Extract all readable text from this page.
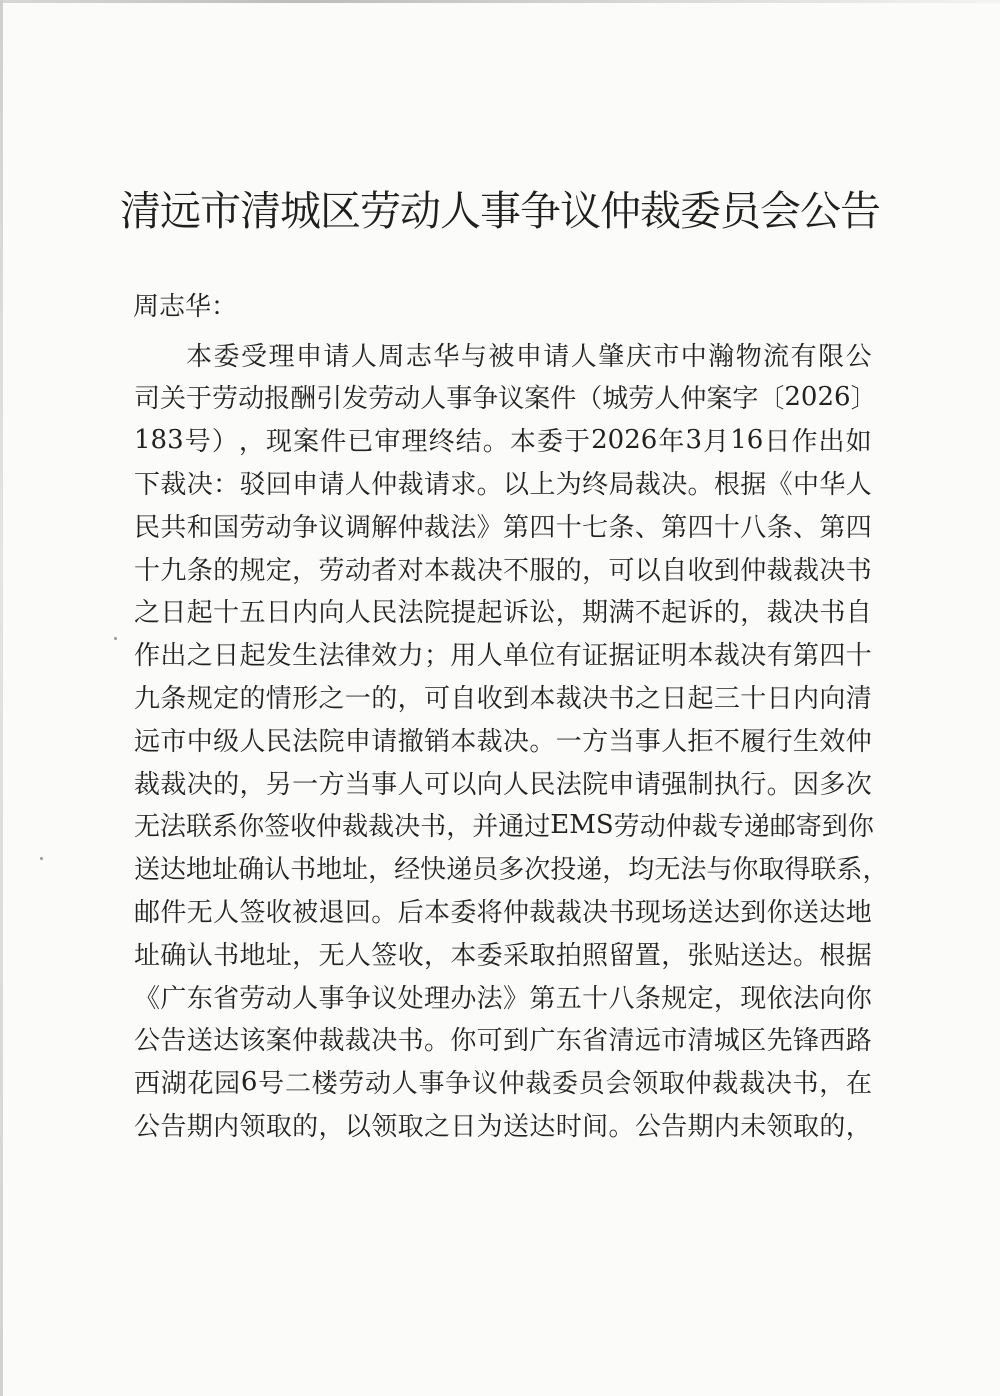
清远市清城区劳动人事争议仲裁委员会公告
周志华：
本 委 受 理 申 请 人 周 志 华 与 被 申 请 人 肇 庆 市 中 瀚 物 流 有 限 公
司 关 于 劳 动 报 酬 引 发 劳 动 人 事 争 议 案 件 （ 城 劳 人 仲 案 字 〔 2026 〕
183 号 ） ， 现 案 件 已 审 理 终 结 。 本 委 于 2026 年 3 月 16 日 作 出 如
下 裁 决 ： 驳 回 申 请 人 仲 裁 请 求 。 以 上 为 终 局 裁 决 。 根 据 《 中 华 人
民 共 和 国 劳 动 争 议 调 解 仲 裁 法 》 第 四 十 七 条 、 第 四 十 八 条 、 第 四
十 九 条 的 规 定 ， 劳 动 者 对 本 裁 决 不 服 的 ， 可 以 自 收 到 仲 裁 裁 决 书
之 日 起 十 五 日 内 向 人 民 法 院 提 起 诉 讼 ， 期 满 不 起 诉 的 ， 裁 决 书 自
作 出 之 日 起 发 生 法 律 效 力 ； 用 人 单 位 有 证 据 证 明 本 裁 决 有 第 四 十
九 条 规 定 的 情 形 之 一 的 ， 可 自 收 到 本 裁 决 书 之 日 起 三 十 日 内 向 清
远 市 中 级 人 民 法 院 申 请 撤 销 本 裁 决 。 一 方 当 事 人 拒 不 履 行 生 效 仲
裁 裁 决 的 ， 另 一 方 当 事 人 可 以 向 人 民 法 院 申 请 强 制 执 行 。 因 多 次
无 法 联 系 你 签 收 仲 裁 裁 决 书 ， 并 通 过 EMS 劳 动 仲 裁 专 递 邮 寄 到 你
送 达 地 址 确 认 书 地 址 ， 经 快 递 员 多 次 投 递 ， 均 无 法 与 你 取 得 联 系 ，
邮 件 无 人 签 收 被 退 回 。 后 本 委 将 仲 裁 裁 决 书 现 场 送 达 到 你 送 达 地
址 确 认 书 地 址 ， 无 人 签 收 ， 本 委 采 取 拍 照 留 置 ， 张 贴 送 达 。 根 据
《 广 东 省 劳 动 人 事 争 议 处 理 办 法 》 第 五 十 八 条 规 定 ， 现 依 法 向 你
公 告 送 达 该 案 仲 裁 裁 决 书 。 你 可 到 广 东 省 清 远 市 清 城 区 先 锋 西 路
西 湖 花 园 6 号 二 楼 劳 动 人 事 争 议 仲 裁 委 员 会 领 取 仲 裁 裁 决 书 ， 在
公 告 期 内 领 取 的 ， 以 领 取 之 日 为 送 达 时 间 。 公 告 期 内 未 领 取 的 ，
